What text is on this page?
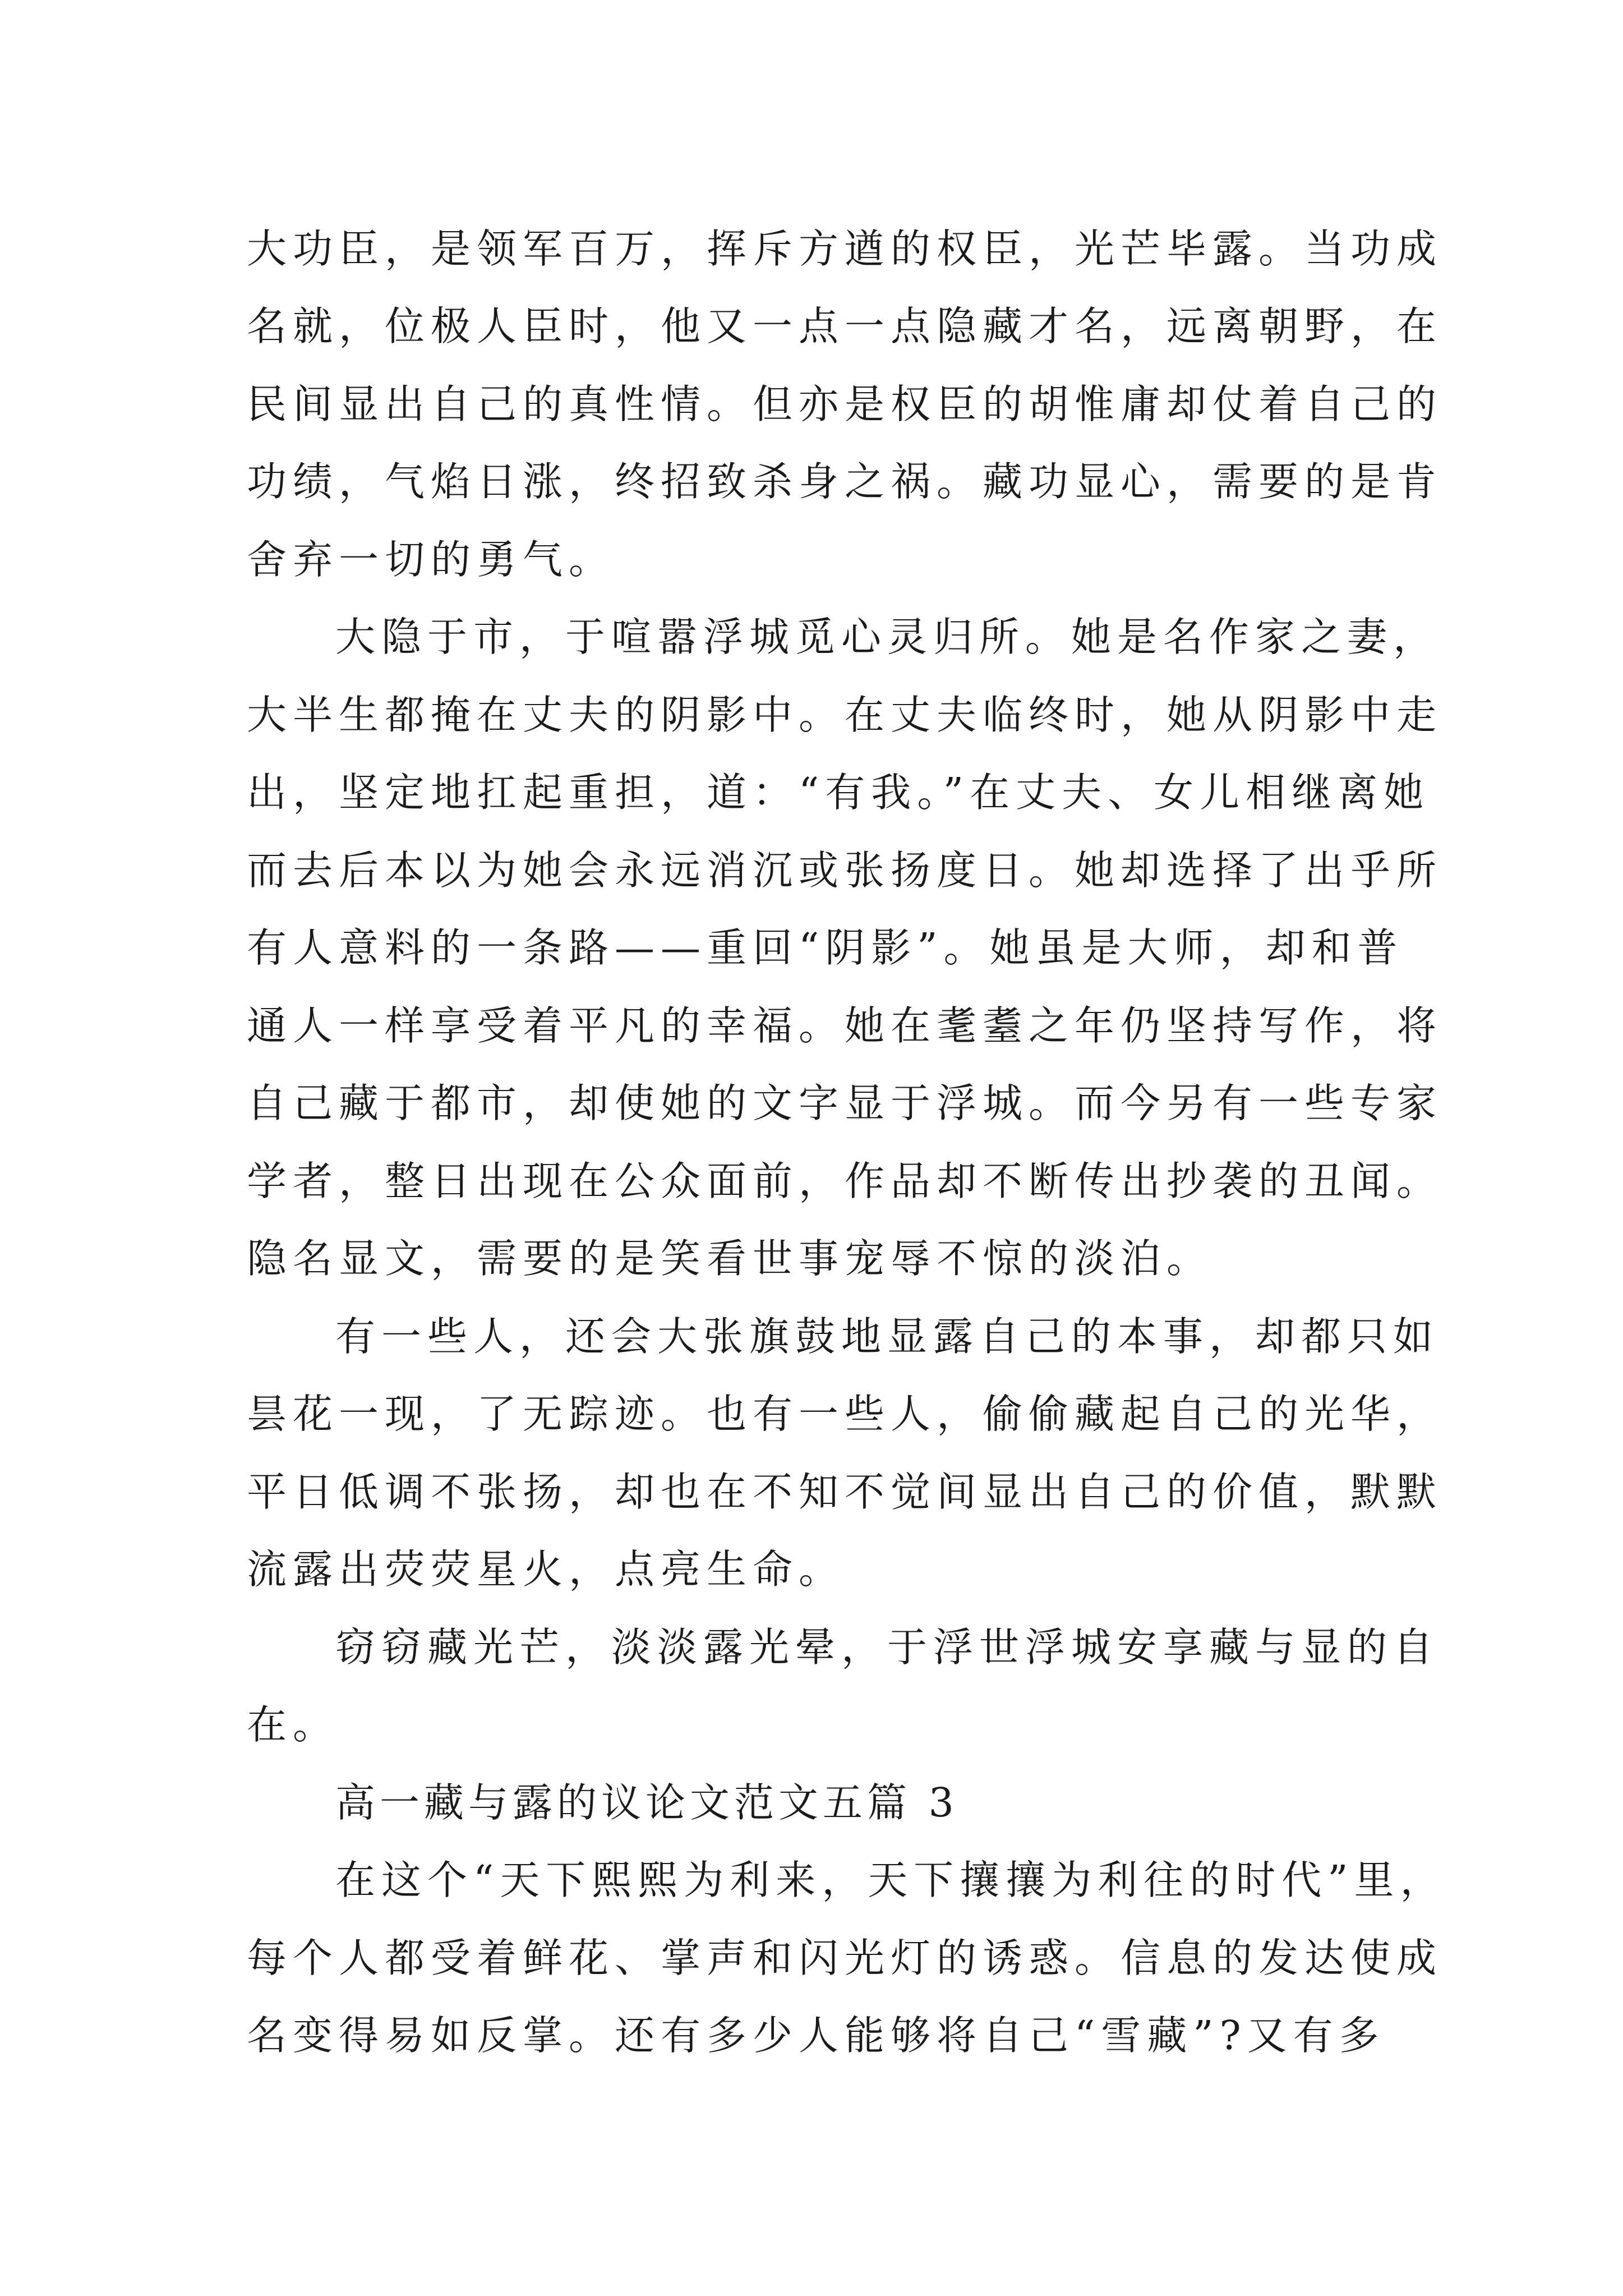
大功臣，是领军百万，挥斥方遒的权臣，光芒毕露。当功成
名就，位极人臣时，他又一点一点隐藏才名，远离朝野，在
民间显出自己的真性情。但亦是权臣的胡惟庸却仗着自己的
功绩，气焰日涨，终招致杀身之祸。藏功显心，需要的是肯
舍弃一切的勇气。
大隐于市，于喧嚣浮城觅心灵归所。她是名作家之妻，
大半生都掩在丈夫的阴影中。在丈夫临终时，她从阴影中走
出，坚定地扛起重担，道：“有我。”在丈夫、女儿相继离她
而去后本以为她会永远消沉或张扬度日。她却选择了出乎所
有人意料的一条路——重回“阴影”。她虽是大师，却和普
通人一样享受着平凡的幸福。她在耄耋之年仍坚持写作，将
自己藏于都市，却使她的文字显于浮城。而今另有一些专家
学者，整日出现在公众面前，作品却不断传出抄袭的丑闻。
隐名显文，需要的是笑看世事宠辱不惊的淡泊。
有一些人，还会大张旗鼓地显露自己的本事，却都只如
昙花一现，了无踪迹。也有一些人，偷偷藏起自己的光华，
平日低调不张扬，却也在不知不觉间显出自己的价值，默默
流露出荧荧星火，点亮生命。
窃窃藏光芒，淡淡露光晕，于浮世浮城安享藏与显的自
在。
高一藏与露的议论文范文五篇 3
在这个“天下熙熙为利来，天下攘攘为利往的时代”里，
每个人都受着鲜花、掌声和闪光灯的诱惑。信息的发达使成
名变得易如反掌。还有多少人能够将自己“雪藏”?又有多
